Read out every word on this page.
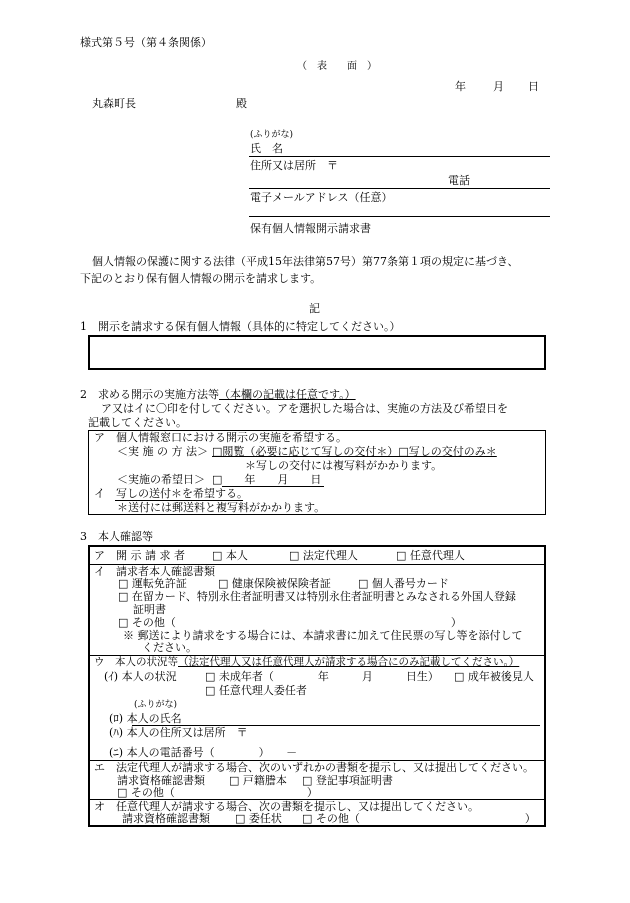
様式第５号（第４条関係）
（　表　　面　）
年 月 日
丸森町長	殿
(ふりがな)
氏　名
住所又は居所　〒
電話
電子メールアドレス（任意）
保有個人情報開示請求書
個人情報の保護に関する法律（平成15年法律第57号）第77条第１項の規定に基づき、
下記のとおり保有個人情報の開示を請求します。
記
1　開示を請求する保有個人情報（具体的に特定してください。）
2　求める開示の実施方法等（本欄の記載は任意です。）
ア又はイに〇印を付してください。アを選択した場合は、実施の方法及び希望日を
記載してください。
ア　個人情報窓口における開示の実施を希望する。
＜実 施 の 方 法＞ □閲覧（必要に応じて写しの交付＊）□写しの交付のみ＊
＊写しの交付には複写料がかかります。
＜実施の希望日＞ □　　年　　月　　日
イ　写しの送付＊を希望する。
＊送付には郵送料と複写料がかかります。
3　本人確認等
ア　開 示 請 求 者 □ 本人	□ 法定代理人	□ 任意代理人
イ　請求者本人確認書類
□ 運転免許証	□ 健康保険被保険者証 □ 個人番号カード
□ 在留カード、特別永住者証明書又は特別永住者証明書とみなされる外国人登録
証明書
□ その他（　　　　　　　　　　　　　　　　　　　　　　　　　）
※ 郵送により請求をする場合には、本請求書に加えて住民票の写し等を添付して
ください。
ウ　本人の状況等（法定代理人又は任意代理人が請求する場合にのみ記載してください。）
(ｲ) 本人の状況	□ 未成年者（　　　　年　　　月　　　日生） □ 成年被後見人
□ 任意代理人委任者
(ふりがな)
(ﾛ) 本人の氏名
(ﾊ) 本人の住所又は居所　〒
(ﾆ) 本人の電話番号（　　　　）　　－
エ　法定代理人が請求する場合、次のいずれかの書類を提示し、又は提出してください。
請求資格確認書類 □ 戸籍謄本 □ 登記事項証明書
□ その他（　　　　　　　　　　　　）
オ　任意代理人が請求する場合、次の書類を提示し、又は提出してください。
請求資格確認書類 □ 委任状 □ その他（　　　　　　　　　　　　　　　）
